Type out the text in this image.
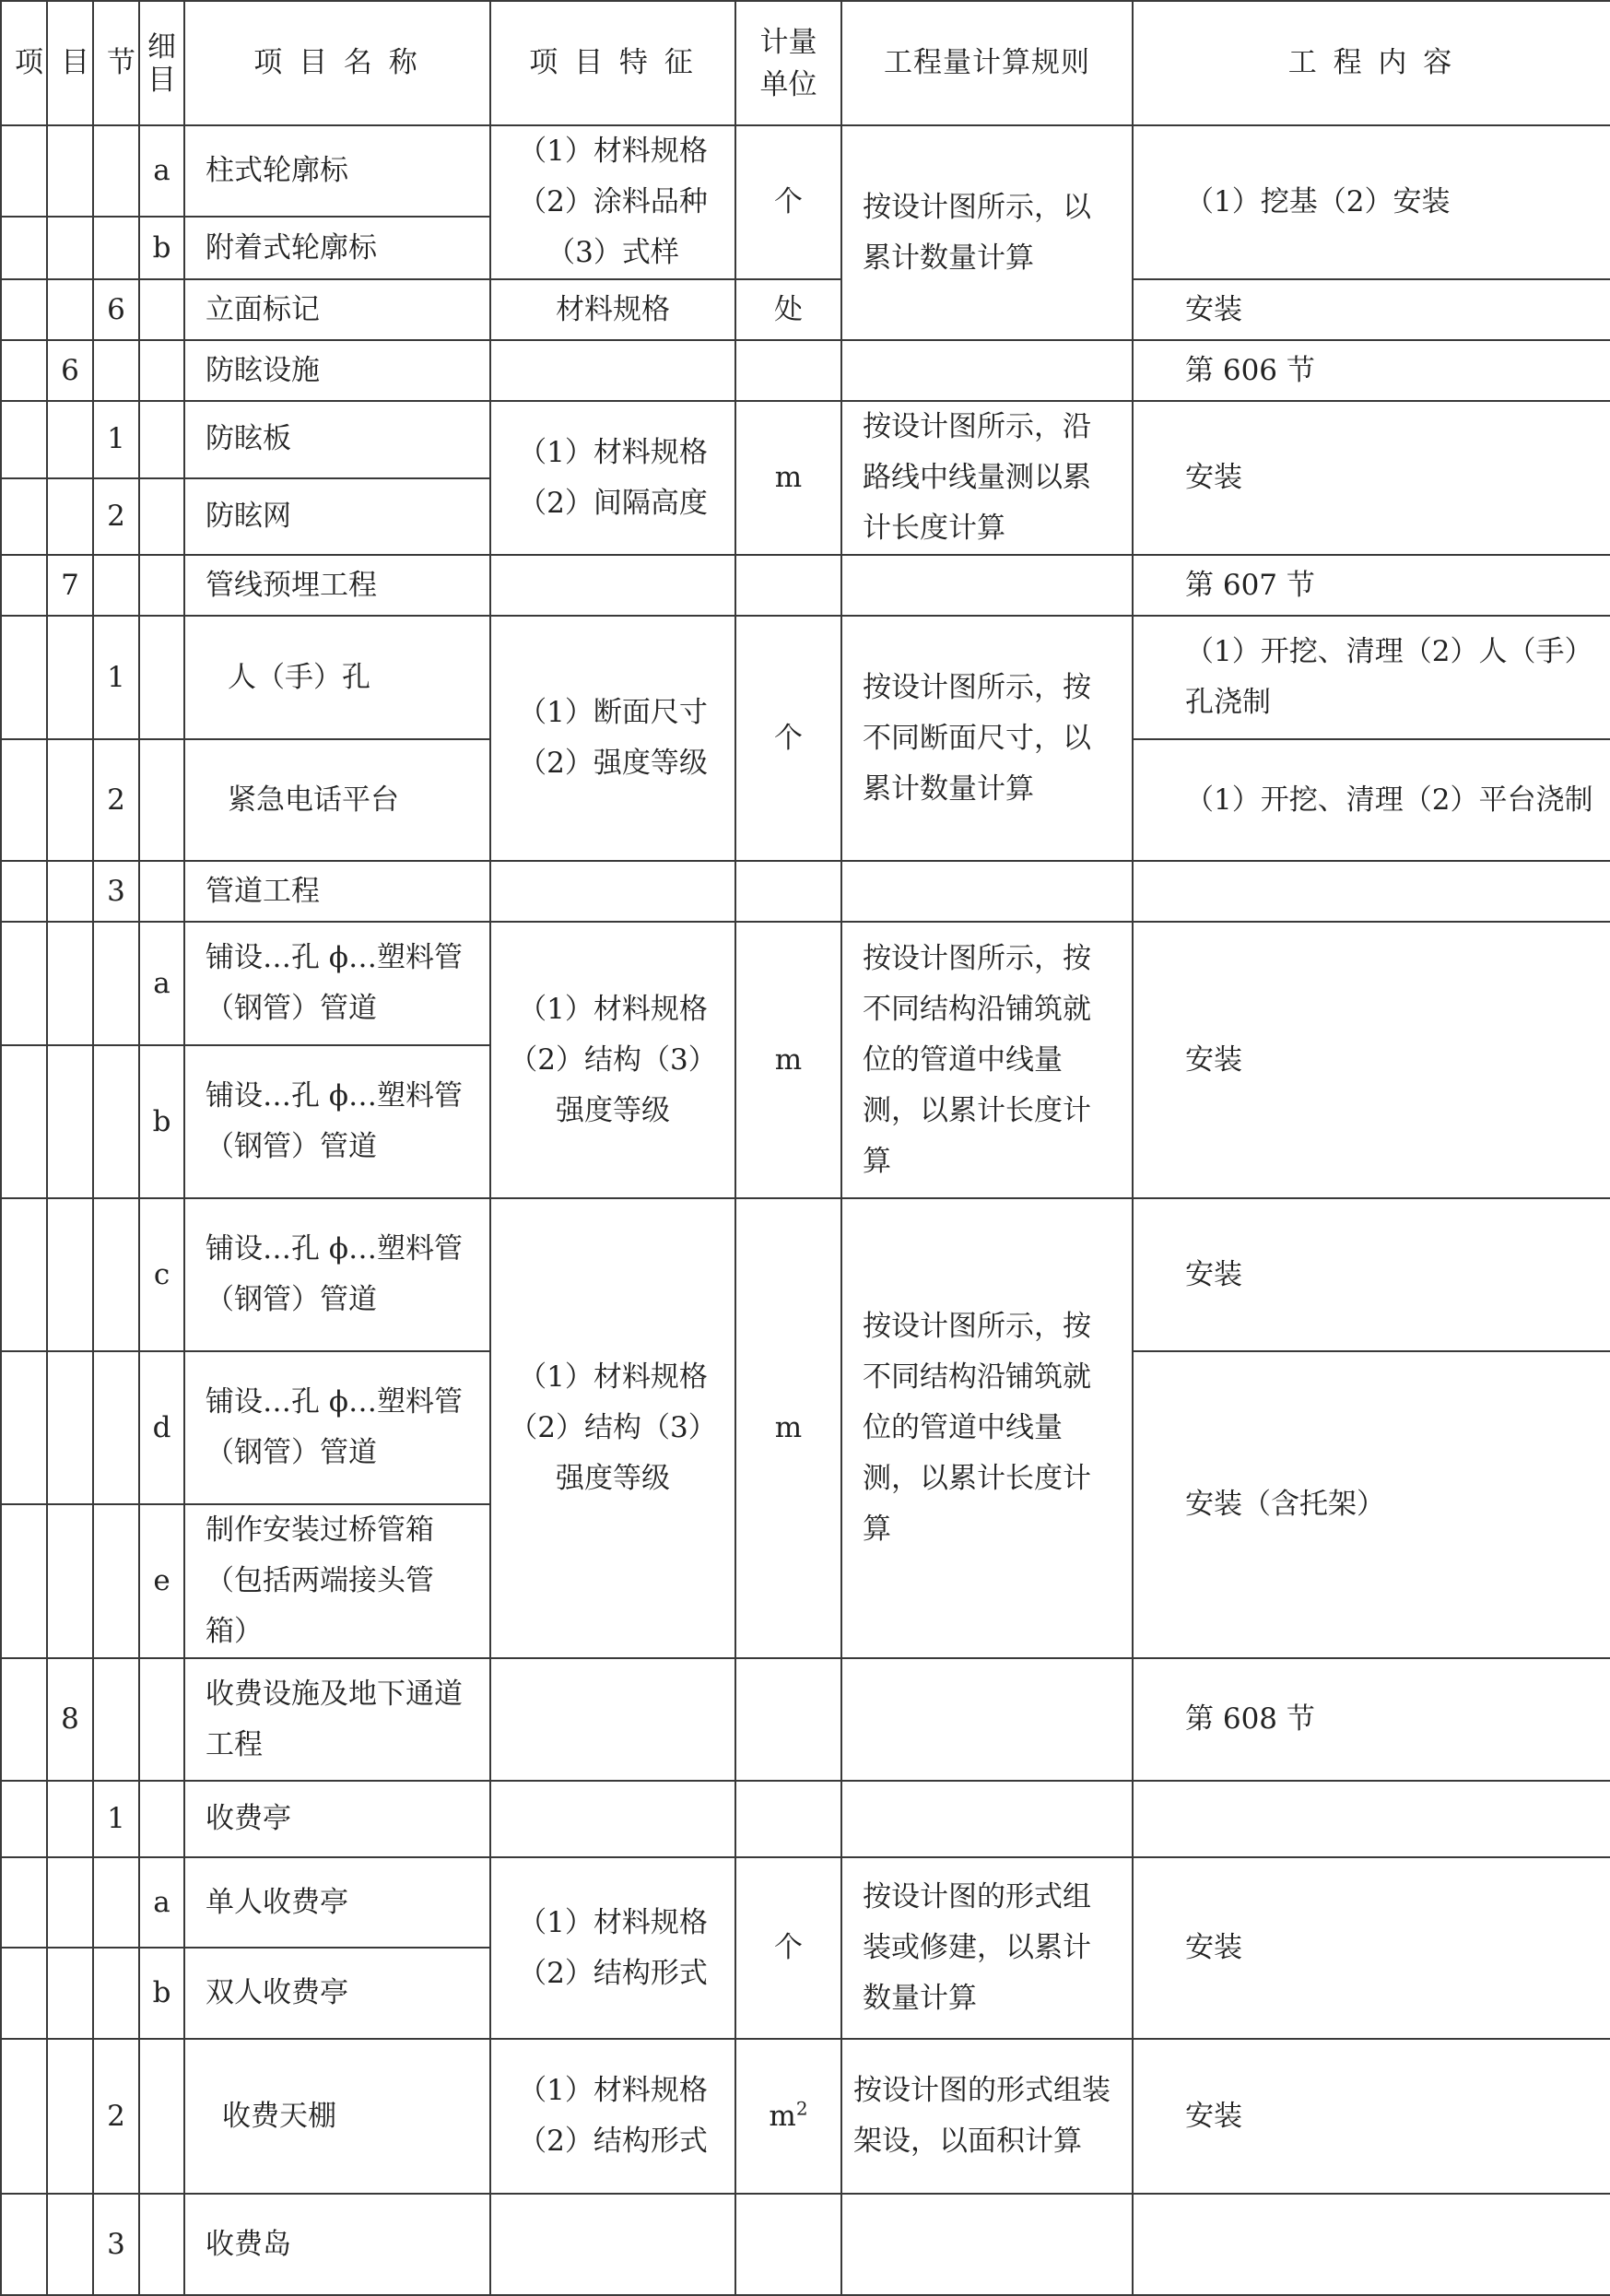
项	目	节	细目	项 目 名 称	项 目 特 征	计量单位	工程量计算规则	工 程 内 容
			a	柱式轮廓标	（1）材料规格（2）涂料品种（3）式样	个	按设计图所示，以累计数量计算	（1）挖基（2）安装
			b	附着式轮廓标				
		6		立面标记	材料规格	处		安装
	6			防眩设施				第 606 节
		1		防眩板	（1）材料规格（2）间隔高度	m	按设计图所示，沿路线中线量测以累计长度计算	安装
		2		防眩网				
	7			管线预埋工程				第 607 节
		1		人（手）孔	（1）断面尺寸（2）强度等级	个	按设计图所示，按不同断面尺寸，以累计数量计算	（1）开挖、清理（2）人（手）孔浇制
		2		紧急电话平台				（1）开挖、清理（2）平台浇制
		3		管道工程				
			a	铺设…孔 ϕ…塑料管（钢管）管道	（1）材料规格（2）结构（3）强度等级	m	按设计图所示，按不同结构沿铺筑就位的管道中线量测，以累计长度计算	安装
			b	铺设…孔 ϕ…塑料管（钢管）管道				
			c	铺设…孔 ϕ…塑料管（钢管）管道	（1）材料规格（2）结构（3）强度等级	m	按设计图所示，按不同结构沿铺筑就位的管道中线量测，以累计长度计算	安装
			d	铺设…孔 ϕ…塑料管（钢管）管道				安装（含托架）
			e	制作安装过桥管箱（包括两端接头管箱）				
	8			收费设施及地下通道工程				第 608 节
		1		收费亭				
			a	单人收费亭	（1）材料规格（2）结构形式	个	按设计图的形式组装或修建，以累计数量计算	安装
			b	双人收费亭				
		2		收费天棚	（1）材料规格（2）结构形式	$m^2$	按设计图的形式组装架设，以面积计算	安装
		3		收费岛				
